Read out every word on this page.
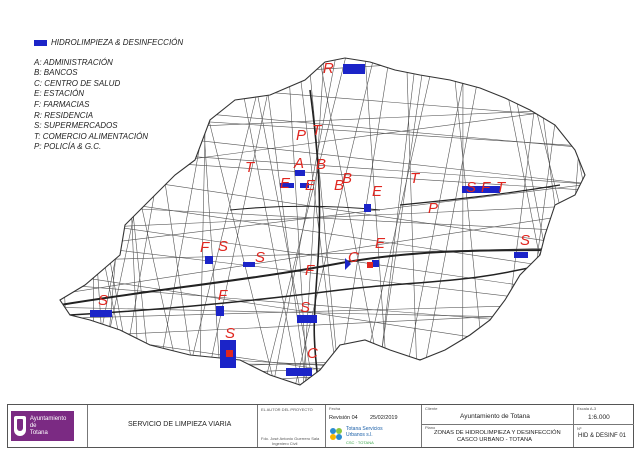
R
P T
T	A B
E	B E
E B	T
P
S F T
F S
S
F
C
S
S	F
S
S
C
E
HIDROLIMPIEZA & DESINFECCIÓN
A: ADMINISTRACIÓN
B: BANCOS
C: CENTRO DE SALUD
E: ESTACIÓN
F: FARMACIAS
R: RESIDENCIA
S: SUPERMERCADOS
T: COMERCIO ALIMENTACIÓN
P: POLICÍA & G.C.
Ayuntamiento de
Totana
SERVICIO DE LIMPIEZA VIARIA
EL AUTOR DEL PROYECTO
Fdo. José Antonio Guerrero Sala
Ingeniero Civil
Fecha
Revisión 04 25/02/2019
Totana Servicios
Urbanos s.l.
CSC · TOTANA
Cliente
Ayuntamiento de Totana
Plano
ZONAS DE HIDROLIMPIEZA Y DESINFECCIÓN
CASCO URBANO - TOTANA
Escala A-3
1:6.000
Nº
HID & DESINF 01
